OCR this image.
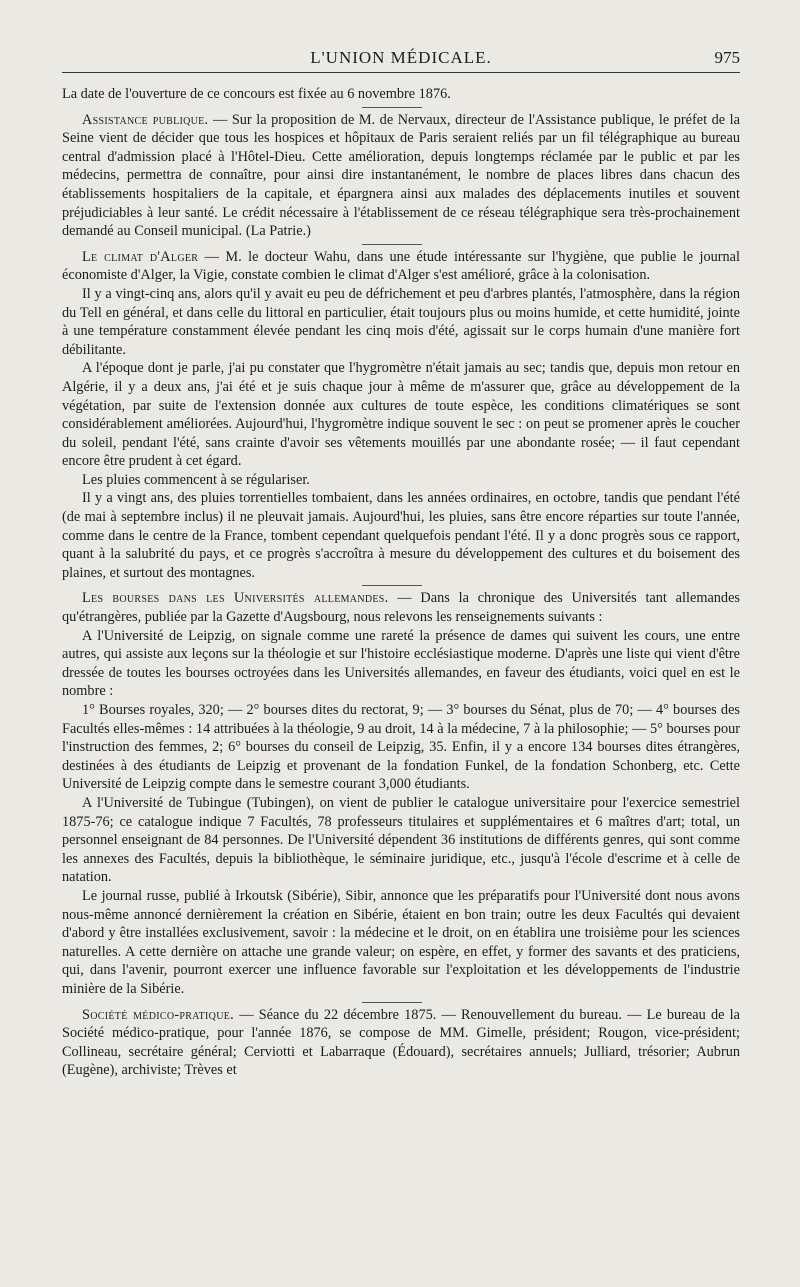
L'UNION MÉDICALE.	975

La date de l'ouverture de ce concours est fixée au 6 novembre 1876.

Assistance publique. — Sur la proposition de M. de Nervaux, directeur de l'Assistance publique, le préfet de la Seine vient de décider que tous les hospices et hôpitaux de Paris seraient reliés par un fil télégraphique au bureau central d'admission placé à l'Hôtel-Dieu. Cette amélioration, depuis longtemps réclamée par le public et par les médecins, permettra de connaître, pour ainsi dire instantanément, le nombre de places libres dans chacun des établissements hospitaliers de la capitale, et épargnera ainsi aux malades des déplacements inutiles et souvent préjudiciables à leur santé. Le crédit nécessaire à l'établissement de ce réseau télégraphique sera très-prochainement demandé au Conseil municipal. (La Patrie.)

Le climat d'Alger — M. le docteur Wahu, dans une étude intéressante sur l'hygiène, que publie le journal économiste d'Alger, la Vigie, constate combien le climat d'Alger s'est amélioré, grâce à la colonisation.

Il y a vingt-cinq ans, alors qu'il y avait eu peu de défrichement et peu d'arbres plantés, l'atmosphère, dans la région du Tell en général, et dans celle du littoral en particulier, était toujours plus ou moins humide, et cette humidité, jointe à une température constamment élevée pendant les cinq mois d'été, agissait sur le corps humain d'une manière fort débilitante.

A l'époque dont je parle, j'ai pu constater que l'hygromètre n'était jamais au sec; tandis que, depuis mon retour en Algérie, il y a deux ans, j'ai été et je suis chaque jour à même de m'assurer que, grâce au développement de la végétation, par suite de l'extension donnée aux cultures de toute espèce, les conditions climatériques se sont considérablement améliorées. Aujourd'hui, l'hygromètre indique souvent le sec : on peut se promener après le coucher du soleil, pendant l'été, sans crainte d'avoir ses vêtements mouillés par une abondante rosée; — il faut cependant encore être prudent à cet égard.

Les pluies commencent à se régulariser.

Il y a vingt ans, des pluies torrentielles tombaient, dans les années ordinaires, en octobre, tandis que pendant l'été (de mai à septembre inclus) il ne pleuvait jamais. Aujourd'hui, les pluies, sans être encore réparties sur toute l'année, comme dans le centre de la France, tombent cependant quelquefois pendant l'été. Il y a donc progrès sous ce rapport, quant à la salubrité du pays, et ce progrès s'accroîtra à mesure du développement des cultures et du boisement des plaines, et surtout des montagnes.

Les bourses dans les Universités allemandes. — Dans la chronique des Universités tant allemandes qu'étrangères, publiée par la Gazette d'Augsbourg, nous relevons les renseignements suivants :

A l'Université de Leipzig, on signale comme une rareté la présence de dames qui suivent les cours, une entre autres, qui assiste aux leçons sur la théologie et sur l'histoire ecclésiastique moderne. D'après une liste qui vient d'être dressée de toutes les bourses octroyées dans les Universités allemandes, en faveur des étudiants, voici quel en est le nombre :

1° Bourses royales, 320; — 2° bourses dites du rectorat, 9; — 3° bourses du Sénat, plus de 70; — 4° bourses des Facultés elles-mêmes : 14 attribuées à la théologie, 9 au droit, 14 à la médecine, 7 à la philosophie; — 5° bourses pour l'instruction des femmes, 2; 6° bourses du conseil de Leipzig, 35. Enfin, il y a encore 134 bourses dites étrangères, destinées à des étudiants de Leipzig et provenant de la fondation Funkel, de la fondation Schonberg, etc. Cette Université de Leipzig compte dans le semestre courant 3,000 étudiants.

A l'Université de Tubingue (Tubingen), on vient de publier le catalogue universitaire pour l'exercice semestriel 1875-76; ce catalogue indique 7 Facultés, 78 professeurs titulaires et supplémentaires et 6 maîtres d'art; total, un personnel enseignant de 84 personnes. De l'Université dépendent 36 institutions de différents genres, qui sont comme les annexes des Facultés, depuis la bibliothèque, le séminaire juridique, etc., jusqu'à l'école d'escrime et à celle de natation.

Le journal russe, publié à Irkoutsk (Sibérie), Sibir, annonce que les préparatifs pour l'Université dont nous avons nous-même annoncé dernièrement la création en Sibérie, étaient en bon train; outre les deux Facultés qui devaient d'abord y être installées exclusivement, savoir : la médecine et le droit, on en établira une troisième pour les sciences naturelles. A cette dernière on attache une grande valeur; on espère, en effet, y former des savants et des praticiens, qui, dans l'avenir, pourront exercer une influence favorable sur l'exploitation et les développements de l'industrie minière de la Sibérie.

Société médico-pratique. — Séance du 22 décembre 1875. — Renouvellement du bureau. — Le bureau de la Société médico-pratique, pour l'année 1876, se compose de MM. Gimelle, président; Rougon, vice-président; Collineau, secrétaire général; Cerviotti et Labarraque (Édouard), secrétaires annuels; Julliard, trésorier; Aubrun (Eugène), archiviste; Trèves et
